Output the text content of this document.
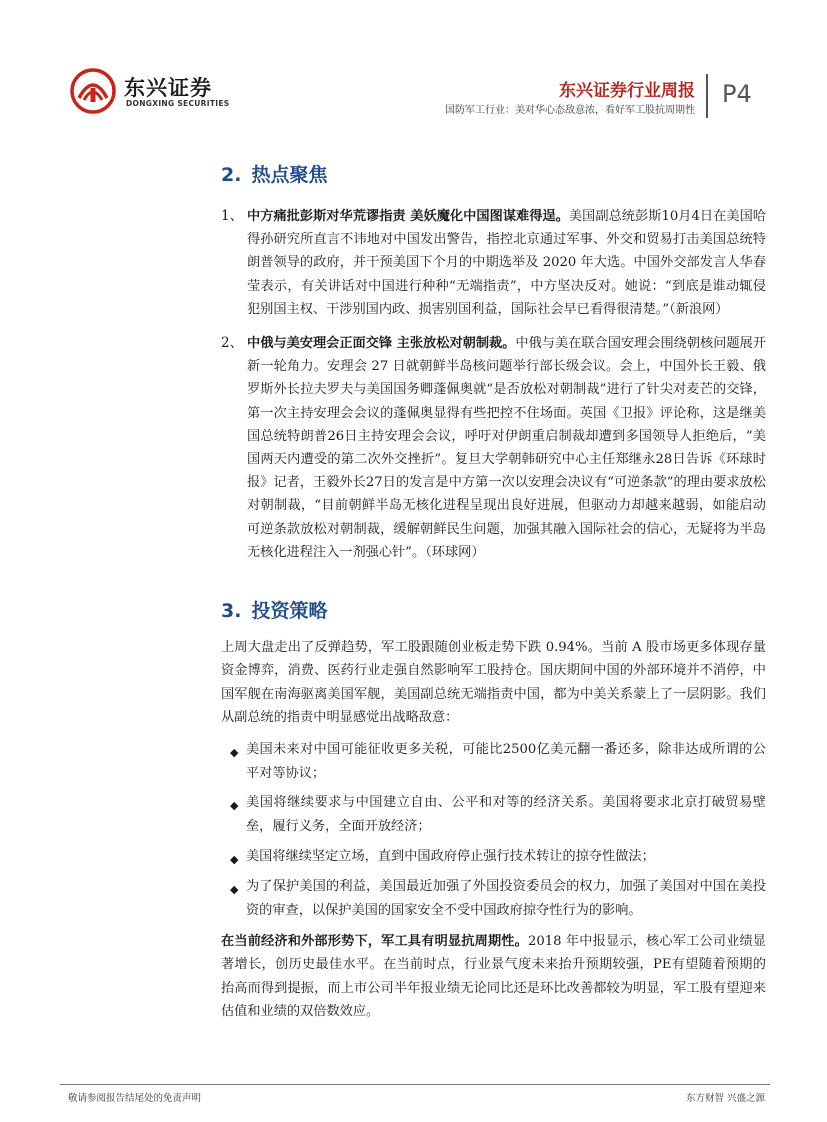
东兴证券
DONGXING SECURITIES
东兴证券行业周报
国防军工行业：美对华心态敌意浓，看好军工股抗周期性
P4
2. 热点聚焦
1、 中方痛批彭斯对华荒谬指责 美妖魔化中国图谋难得逞。美国副总统彭斯10月4日在美国哈得孙研究所直言不讳地对中国发出警告，指控北京通过军事、外交和贸易打击美国总统特朗普领导的政府，并干预美国下个月的中期选举及 2020 年大选。中国外交部发言人华春莹表示，有关讲话对中国进行种种“无端指责”，中方坚决反对。她说：“到底是谁动辄侵犯别国主权、干涉别国内政、损害别国利益，国际社会早已看得很清楚。”（新浪网）
2、 中俄与美安理会正面交锋 主张放松对朝制裁。中俄与美在联合国安理会围绕朝核问题展开新一轮角力。安理会 27 日就朝鲜半岛核问题举行部长级会议。会上，中国外长王毅、俄罗斯外长拉夫罗夫与美国国务卿蓬佩奥就“是否放松对朝制裁”进行了针尖对麦芒的交锋，第一次主持安理会会议的蓬佩奥显得有些把控不住场面。英国《卫报》评论称，这是继美国总统特朗普26日主持安理会会议，呼吁对伊朗重启制裁却遭到多国领导人拒绝后，“美国两天内遭受的第二次外交挫折”。复旦大学朝韩研究中心主任郑继永28日告诉《环球时报》记者，王毅外长27日的发言是中方第一次以安理会决议有“可逆条款”的理由要求放松对朝制裁，“目前朝鲜半岛无核化进程呈现出良好进展，但驱动力却越来越弱，如能启动可逆条款放松对朝制裁，缓解朝鲜民生问题，加强其融入国际社会的信心，无疑将为半岛无核化进程注入一剂强心针”。（环球网）
3. 投资策略
上周大盘走出了反弹趋势，军工股跟随创业板走势下跌 0.94%。当前 A 股市场更多体现存量资金博弈，消费、医药行业走强自然影响军工股持仓。国庆期间中国的外部环境并不消停，中国军舰在南海驱离美国军舰，美国副总统无端指责中国，都为中美关系蒙上了一层阴影。我们从副总统的指责中明显感觉出战略敌意：
◆ 美国未来对中国可能征收更多关税，可能比2500亿美元翻一番还多，除非达成所谓的公平对等协议；
◆ 美国将继续要求与中国建立自由、公平和对等的经济关系。美国将要求北京打破贸易壁垒，履行义务，全面开放经济；
◆ 美国将继续坚定立场，直到中国政府停止强行技术转让的掠夺性做法；
◆ 为了保护美国的利益，美国最近加强了外国投资委员会的权力，加强了美国对中国在美投资的审查，以保护美国的国家安全不受中国政府掠夺性行为的影响。
在当前经济和外部形势下，军工具有明显抗周期性。2018 年中报显示，核心军工公司业绩显著增长，创历史最佳水平。在当前时点，行业景气度未来抬升预期较强，PE有望随着预期的抬高而得到提振，而上市公司半年报业绩无论同比还是环比改善都较为明显，军工股有望迎来估值和业绩的双倍数效应。
敬请参阅报告结尾处的免责声明	东方财智 兴盛之源
